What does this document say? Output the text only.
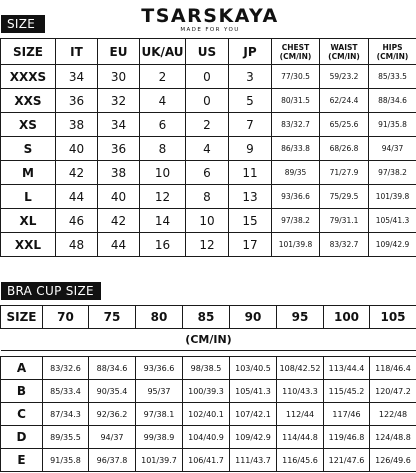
SIZE	TSARSKAYA
MADE FOR YOU
SIZE	IT	EU	UK/AU	US	JP	CHEST (CM/IN)	WAIST (CM/IN)	HIPS (CM/IN)
XXXS	34	30	2	0	3	77/30.5	59/23.2	85/33.5
XXS	36	32	4	0	5	80/31.5	62/24.4	88/34.6
XS	38	34	6	2	7	83/32.7	65/25.6	91/35.8
S	40	36	8	4	9	86/33.8	68/26.8	94/37
M	42	38	10	6	11	89/35	71/27.9	97/38.2
L	44	40	12	8	13	93/36.6	75/29.5	101/39.8
XL	46	42	14	10	15	97/38.2	79/31.1	105/41.3
XXL	48	44	16	12	17	101/39.8	83/32.7	109/42.9
BRA CUP SIZE
SIZE	70	75	80	85	90	95	100	105
(CM/IN)								

A	83/32.6	88/34.6	93/36.6	98/38.5	103/40.5	108/42.52	113/44.4	118/46.4
B	85/33.4	90/35.4	95/37	100/39.3	105/41.3	110/43.3	115/45.2	120/47.2
C	87/34.3	92/36.2	97/38.1	102/40.1	107/42.1	112/44	117/46	122/48
D	89/35.5	94/37	99/38.9	104/40.9	109/42.9	114/44.8	119/46.8	124/48.8
E	91/35.8	96/37.8	101/39.7	106/41.7	111/43.7	116/45.6	121/47.6	126/49.6
